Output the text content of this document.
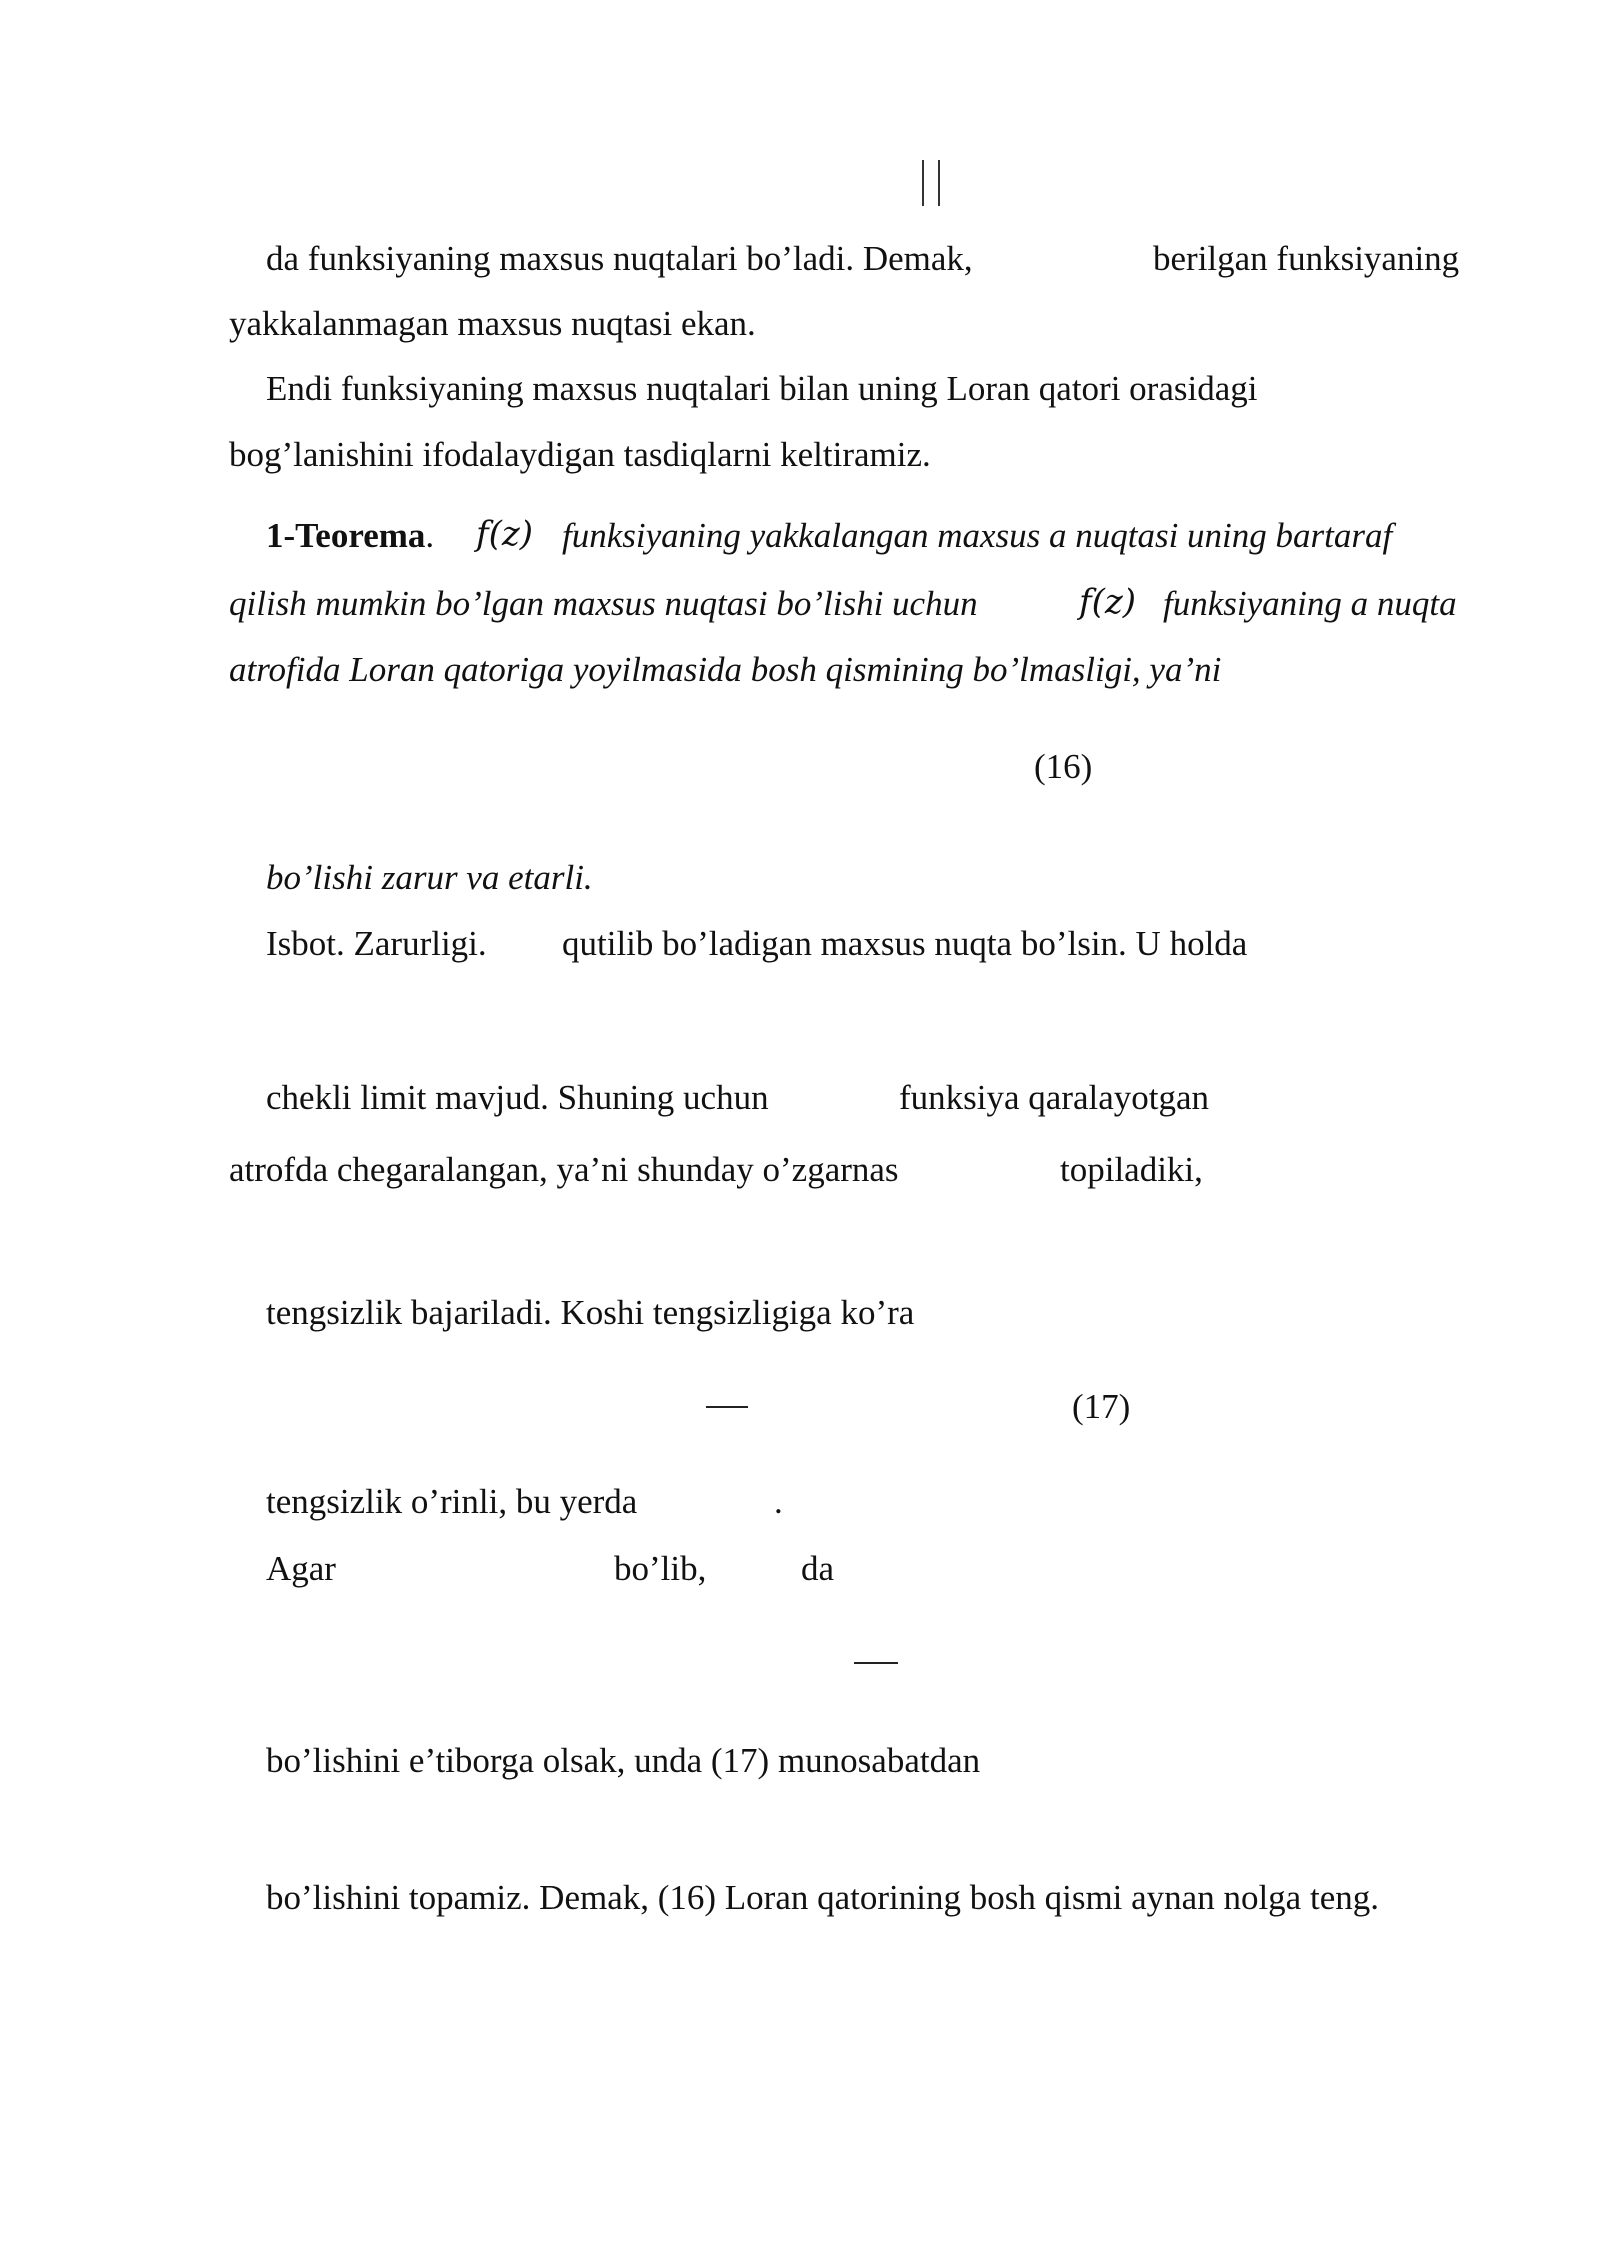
da funksiyaning maxsus nuqtalari bo’ladi. Demak,	berilgan funksiyaning
yakkalanmagan maxsus nuqtasi ekan.
Endi funksiyaning maxsus nuqtalari bilan uning Loran qatori orasidagi
bog’lanishini ifodalaydigan tasdiqlarni keltiramiz.
1-Teorema. f(z) funksiyaning yakkalangan maxsus a nuqtasi uning bartaraf
qilish mumkin bo’lgan maxsus nuqtasi bo’lishi uchun	f(z) funksiyaning a nuqta
atrofida Loran qatoriga yoyilmasida bosh qismining bo’lmasligi, ya’ni
(16)
bo’lishi zarur va etarli.
Isbot. Zarurligi. qutilib bo’ladigan maxsus nuqta bo’lsin. U holda
chekli limit mavjud. Shuning uchun	funksiya qaralayotgan
atrofda chegaralangan, ya’ni shunday o’zgarnas	topiladiki,
tengsizlik bajariladi. Koshi tengsizligiga ko’ra
(17)
tengsizlik o’rinli, bu yerda	.
Agar	bo’lib,	da
bo’lishini e’tiborga olsak, unda (17) munosabatdan
bo’lishini topamiz. Demak, (16) Loran qatorining bosh qismi aynan nolga teng.
